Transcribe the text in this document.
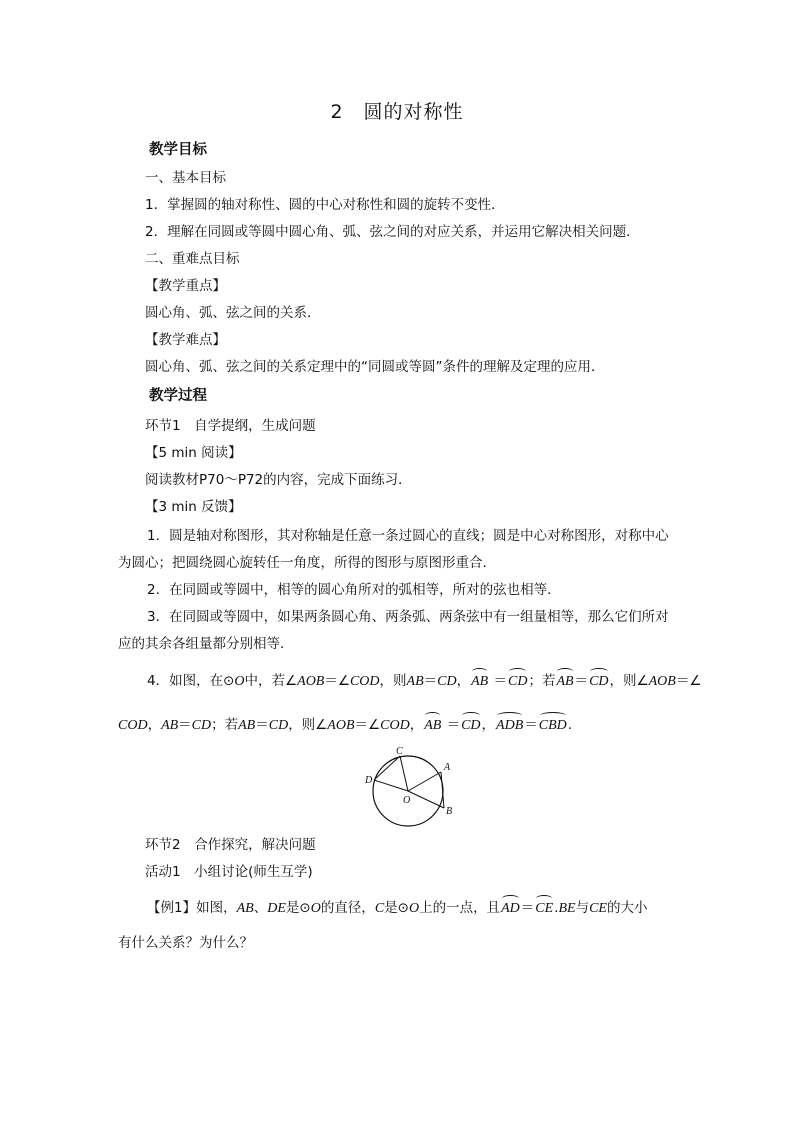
2 圆的对称性
教学目标
一、基本目标
1．掌握圆的轴对称性、圆的中心对称性和圆的旋转不变性．
2．理解在同圆或等圆中圆心角、弧、弦之间的对应关系，并运用它解决相关问题．
二、重难点目标
【教学重点】
圆心角、弧、弦之间的关系．
【教学难点】
圆心角、弧、弦之间的关系定理中的“同圆或等圆”条件的理解及定理的应用．
教学过程
环节1　自学提纲，生成问题
【5 min 阅读】
阅读教材P70～P72的内容，完成下面练习．
【3 min 反馈】
1．圆是轴对称图形，其对称轴是任意一条过圆心的直线；圆是中心对称图形，对称中心
为圆心；把圆绕圆心旋转任一角度，所得的图形与原图形重合．
2．在同圆或等圆中，相等的圆心角所对的弧相等，所对的弦也相等．
3．在同圆或等圆中，如果两条圆心角、两条弧、两条弦中有一组量相等，那么它们所对
应的其余各组量都分别相等．
4．如图，在⊙O中，若∠AOB＝∠COD，则AB＝CD，AB ＝CD；若AB＝CD，则∠AOB＝∠
COD，AB＝CD；若AB＝CD，则∠AOB＝∠COD，AB ＝CD，ADB＝CBD.
C
D
A
O
B
环节2　合作探究，解决问题
活动1　小组讨论(师生互学)
【例1】如图，AB、DE是⊙O的直径，C是⊙O上的一点，且AD＝CE.BE与CE的大小
有什么关系？为什么？
